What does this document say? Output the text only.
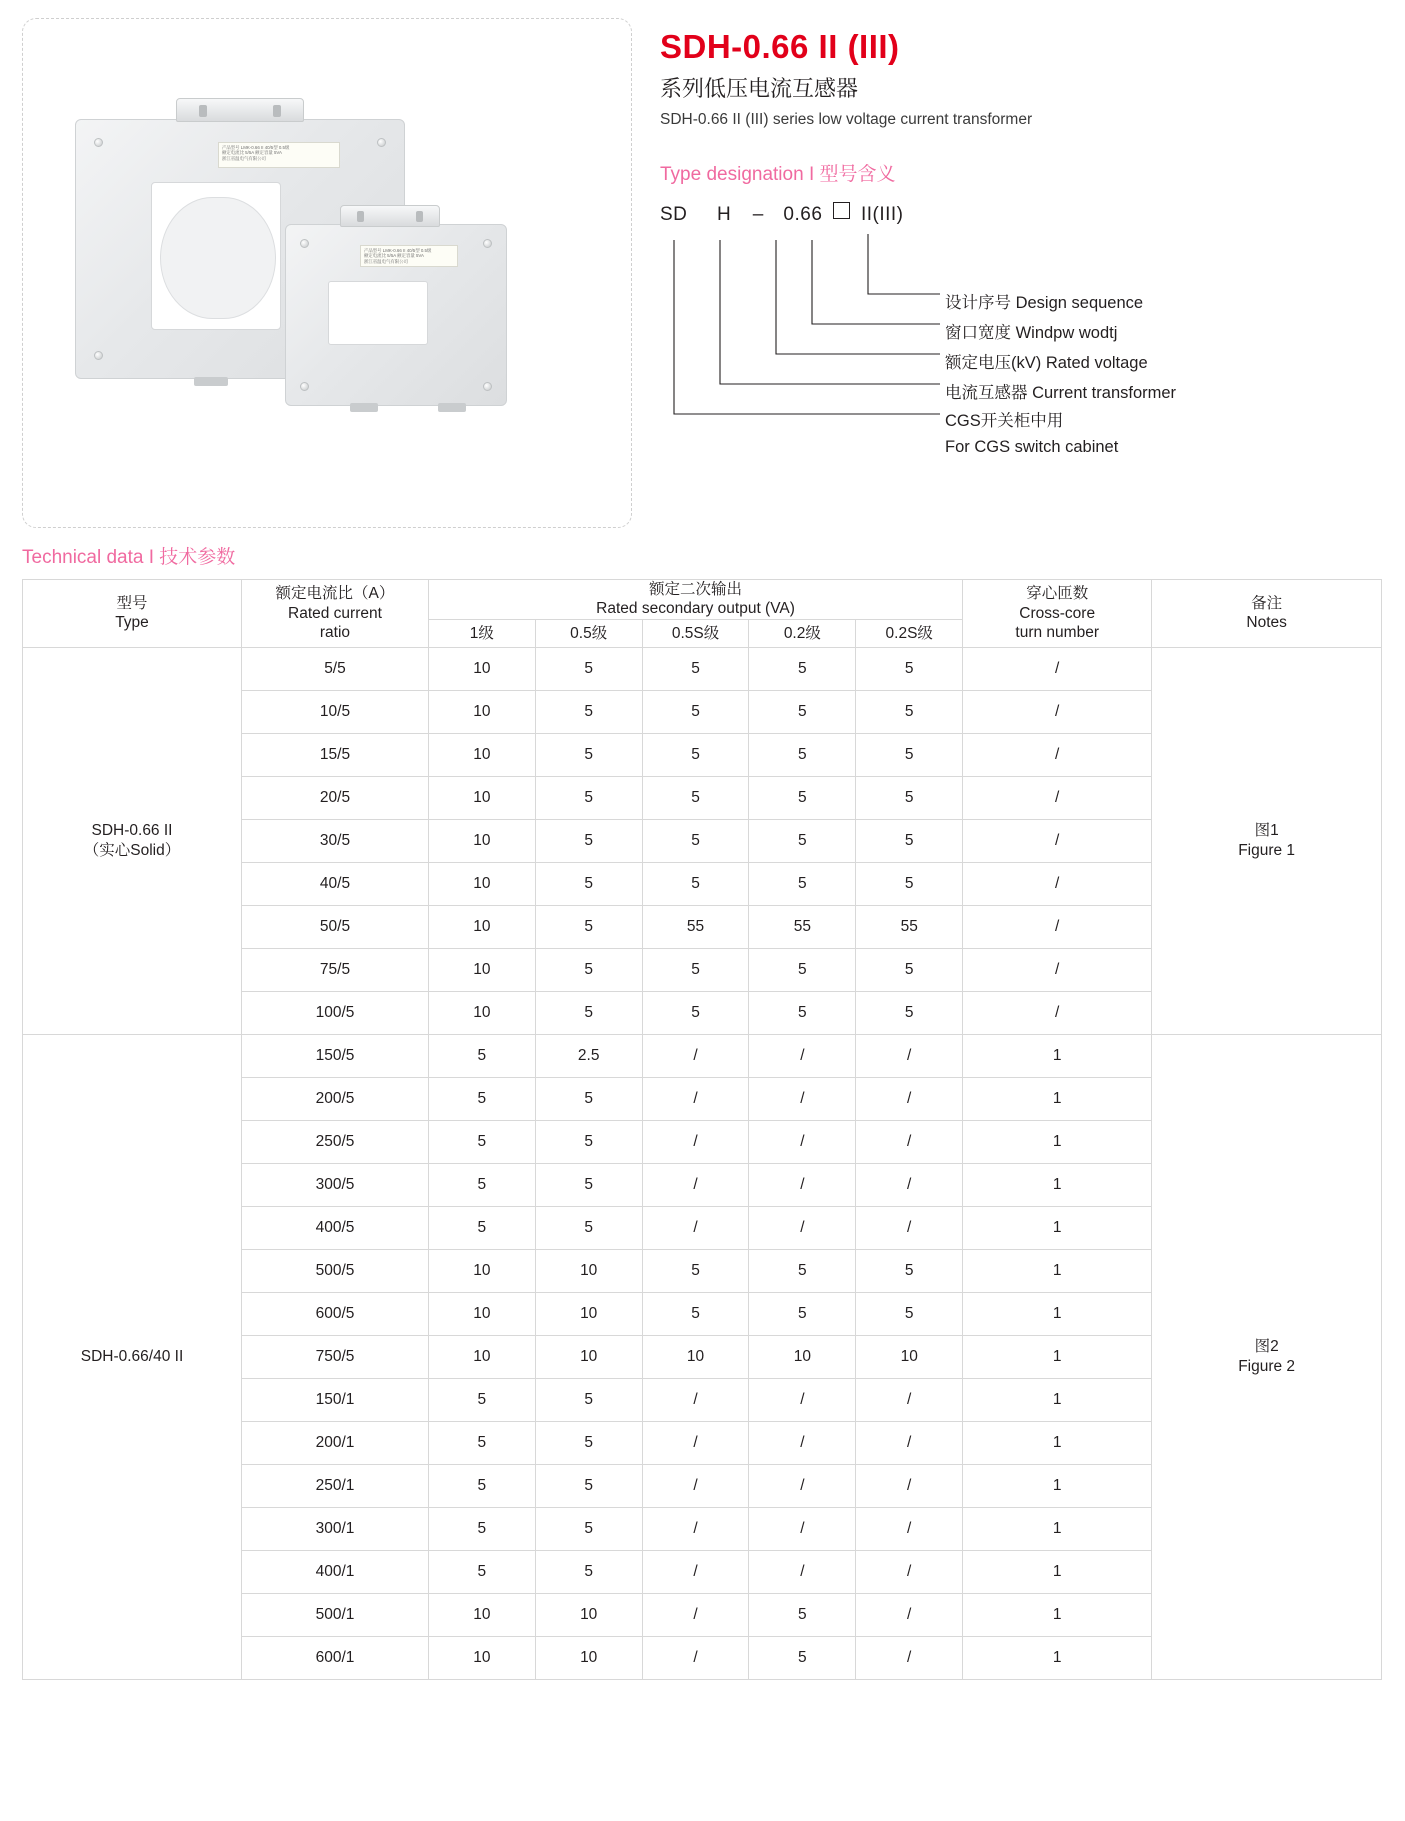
产品型号 LMK-0.66 II 40/5型 0.5级
额定电流比 5/5A 额定容量 5VA
浙江省温电气有限公司
产品型号 LMK-0.66 II 40/5型 0.5级
额定电流比 5/5A 额定容量 5VA
浙江省温电气有限公司
SDH-0.66 II (III)
系列低压电流互感器
SDH-0.66 II (III) series low voltage current transformer
Type designation I 型号含义
SD H – 0.66 II(III)
设计序号 Design sequence
窗口宽度 Windpw wodtj
额定电压(kV) Rated voltage
电流互感器 Current transformer
CGS开关柜中用
For CGS switch cabinet
Technical data I 技术参数
型号
Type

额定电流比（A）
Rated current
ratio

额定二次输出
Rated secondary output (VA)

穿心匝数
Cross-core
turn number

备注
Notes

		1级	0.5级	0.5S级	0.2级	0.2S级		

SDH-0.66 II
（实心Solid）
	5/5	10	5	5	5	5	/	
图1
Figure 1

	10/5	10	5	5	5	5	/	
	15/5	10	5	5	5	5	/	
	20/5	10	5	5	5	5	/	
	30/5	10	5	5	5	5	/	
	40/5	10	5	5	5	5	/	
	50/5	10	5	55	55	55	/	
	75/5	10	5	5	5	5	/	
	100/5	10	5	5	5	5	/	

SDH-0.66/40 II	150/5	5	2.5	/	/	/	1	图2
Figure 2

	200/5	5	5	/	/	/	1	
	250/5	5	5	/	/	/	1	
	300/5	5	5	/	/	/	1	
	400/5	5	5	/	/	/	1	
	500/5	10	10	5	5	5	1	
	600/5	10	10	5	5	5	1	
	750/5	10	10	10	10	10	1	
	150/1	5	5	/	/	/	1	
	200/1	5	5	/	/	/	1	
	250/1	5	5	/	/	/	1	
	300/1	5	5	/	/	/	1	
	400/1	5	5	/	/	/	1	
	500/1	10	10	/	5	/	1	
	600/1	10	10	/	5	/	1	
